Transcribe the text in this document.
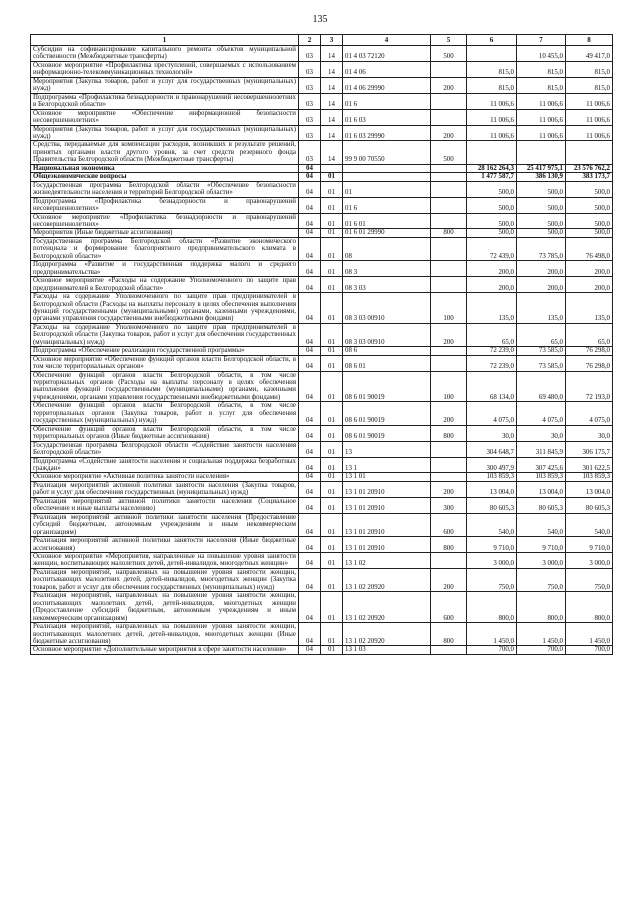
135
1	2	3	4	5	6	7	8
Субсидии на софинансирование капитального ремонта объектов муниципальной собственности (Межбюджетные трансферты)	03	14	01 4 03 72120	500		10 455,0	49 417,0
Основное мероприятие «Профилактика преступлений, совершаемых с использованием информационно-телекоммуникационных технологий»	03	14	01 4 06		815,0	815,0	815,0
Мероприятия (Закупка товаров, работ и услуг для государственных (муниципальных) нужд)	03	14	01 4 06 29990	200	815,0	815,0	815,0
Подпрограмма «Профилактика безнадзорности и правонарушений несовершеннолетних в Белгородской области»	03	14	01 6		11 006,6	11 006,6	11 006,6
Основное мероприятие «Обеспечение информационной безопасности несовершеннолетних»	03	14	01 6 03		11 006,6	11 006,6	11 006,6
Мероприятия (Закупка товаров, работ и услуг для государственных (муниципальных) нужд)	03	14	01 6 03 29990	200	11 006,6	11 006,6	11 006,6
Средства, передаваемые для компенсации расходов, возникших в результате решений, принятых органами власти другого уровня, за счет средств резервного фонда Правительства Белгородской области (Межбюджетные трансферты)	03	14	99 9 00 70550	500			
Национальная экономика	04				28 162 264,3	25 417 975,1	23 576 762,2
Общеэкономические вопросы	04	01			1 477 587,7	386 130,9	383 173,7
Государственная программа Белгородской области «Обеспечение безопасности жизнедеятельности населения и территорий Белгородской области»	04	01	01		500,0	500,0	500,0
Подпрограмма «Профилактика безнадзорности и правонарушений несовершеннолетних»	04	01	01 6		500,0	500,0	500,0
Основное мероприятие «Профилактика безнадзорности и правонарушений несовершеннолетних»	04	01	01 6 01		500,0	500,0	500,0
Мероприятия (Иные бюджетные ассигнования)	04	01	01 6 01 29990	800	500,0	500,0	500,0
Государственная программа Белгородской области «Развитие экономического потенциала и формирование благоприятного предпринимательского климата в Белгородской области»	04	01	08		72 439,0	73 785,0	76 498,0
Подпрограмма «Развитие и государственная поддержка малого и среднего предпринимательства»	04	01	08 3		200,0	200,0	200,0
Основное мероприятие «Расходы на содержание Уполномоченного по защите прав предпринимателей в Белгородской области»	04	01	08 3 03		200,0	200,0	200,0
Расходы на содержание Уполномоченного по защите прав предпринимателей в Белгородской области (Расходы на выплаты персоналу в целях обеспечения выполнения функций государственными (муниципальными) органами, казенными учреждениями, органами управления государственными внебюджетными фондами)	04	01	08 3 03 00910	100	135,0	135,0	135,0
Расходы на содержание Уполномоченного по защите прав предпринимателей в Белгородской области (Закупка товаров, работ и услуг для обеспечения государственных (муниципальных) нужд)	04	01	08 3 03 00910	200	65,0	65,0	65,0
Подпрограмма «Обеспечение реализации государственной программы»	04	01	08 6		72 239,0	73 585,0	76 298,0
Основное мероприятие «Обеспечение функций органов власти Белгородской области, в том числе территориальных органов»	04	01	08 6 01		72 239,0	73 585,0	76 298,0
Обеспечение функций органов власти Белгородской области, в том числе территориальных органов (Расходы на выплаты персоналу в целях обеспечения выполнения функций государственными (муниципальными) органами, казенными учреждениями, органами управления государственными внебюджетными фондами)	04	01	08 6 01 90019	100	68 134,0	69 480,0	72 193,0
Обеспечение функций органов власти Белгородской области, в том числе территориальных органов (Закупка товаров, работ и услуг для обеспечения государственных (муниципальных) нужд)	04	01	08 6 01 90019	200	4 075,0	4 075,0	4 075,0
Обеспечение функций органов власти Белгородской области, в том числе территориальных органов (Иные бюджетные ассигнования)	04	01	08 6 01 90019	800	30,0	30,0	30,0
Государственная программа Белгородской области «Содействие занятости населения Белгородской области»	04	01	13		304 648,7	311 845,9	306 175,7
Подпрограмма «Содействие занятости населения и социальная поддержка безработных граждан»	04	01	13 1		300 497,9	307 425,6	301 622,5
Основное мероприятие «Активная политика занятости населения»	04	01	13 1 01		103 859,3	103 859,3	103 859,3
Реализация мероприятий активной политики занятости населения (Закупка товаров, работ и услуг для обеспечения государственных (муниципальных) нужд)	04	01	13 1 01 20910	200	13 004,0	13 004,0	13 004,0
Реализация мероприятий активной политики занятости населения (Социальное обеспечение и иные выплаты населению)	04	01	13 1 01 20910	300	80 605,3	80 605,3	80 605,3
Реализация мероприятий активной политики занятости населения (Предоставление субсидий бюджетным, автономным учреждениям и иным некоммерческим организациям)	04	01	13 1 01 20910	600	540,0	540,0	540,0
Реализация мероприятий активной политики занятости населения (Иные бюджетные ассигнования)	04	01	13 1 01 20910	800	9 710,0	9 710,0	9 710,0
Основное мероприятие «Мероприятия, направленные на повышение уровня занятости женщин, воспитывающих малолетних детей, детей-инвалидов, многодетных женщин»	04	01	13 1 02		3 000,0	3 000,0	3 000,0
Реализация мероприятий, направленных на повышение уровня занятости женщин, воспитывающих малолетних детей, детей-инвалидов, многодетных женщин (Закупка товаров, работ и услуг для обеспечения государственных (муниципальных) нужд)	04	01	13 1 02 20920	200	750,0	750,0	750,0
Реализация мероприятий, направленных на повышение уровня занятости женщин, воспитывающих малолетних детей, детей-инвалидов, многодетных женщин (Предоставление субсидий бюджетным, автономным учреждениям и иным некоммерческим организациям)	04	01	13 1 02 20920	600	800,0	800,0	800,0
Реализация мероприятий, направленных на повышение уровня занятости женщин, воспитывающих малолетних детей, детей-инвалидов, многодетных женщин (Иные бюджетные ассигнования)	04	01	13 1 02 20920	800	1 450,0	1 450,0	1 450,0
Основное мероприятие «Дополнительные мероприятия в сфере занятости населения»	04	01	13 1 03		700,0	700,0	700,0
